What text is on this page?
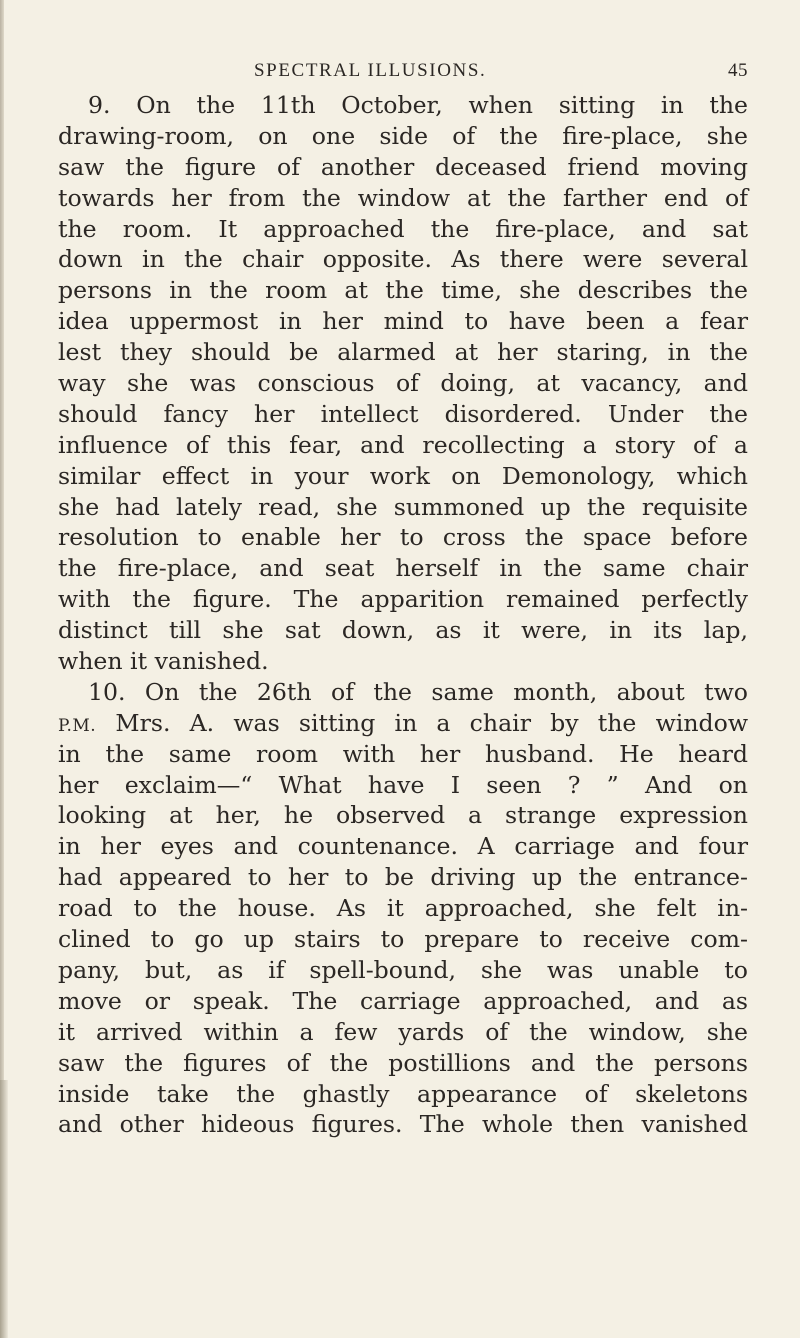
SPECTRAL ILLUSIONS.	45
9. On the 11th October, when sitting in the
drawing-room, on one side of the fire-place, she
saw the figure of another deceased friend moving
towards her from the window at the farther end of
the room. It approached the fire-place, and sat
down in the chair opposite. As there were several
persons in the room at the time, she describes the
idea uppermost in her mind to have been a fear
lest they should be alarmed at her staring, in the
way she was conscious of doing, at vacancy, and
should fancy her intellect disordered. Under the
influence of this fear, and recollecting a story of a
similar effect in your work on Demonology, which
she had lately read, she summoned up the requisite
resolution to enable her to cross the space before
the fire-place, and seat herself in the same chair
with the figure. The apparition remained perfectly
distinct till she sat down, as it were, in its lap,
when it vanished.
10. On the 26th of the same month, about two
P.M. Mrs. A. was sitting in a chair by the window
in the same room with her husband. He heard
her exclaim—“ What have I seen ? ” And on
looking at her, he observed a strange expression
in her eyes and countenance. A carriage and four
had appeared to her to be driving up the entrance-
road to the house. As it approached, she felt in-
clined to go up stairs to prepare to receive com-
pany, but, as if spell-bound, she was unable to
move or speak. The carriage approached, and as
it arrived within a few yards of the window, she
saw the figures of the postillions and the persons
inside take the ghastly appearance of skeletons
and other hideous figures. The whole then vanished
